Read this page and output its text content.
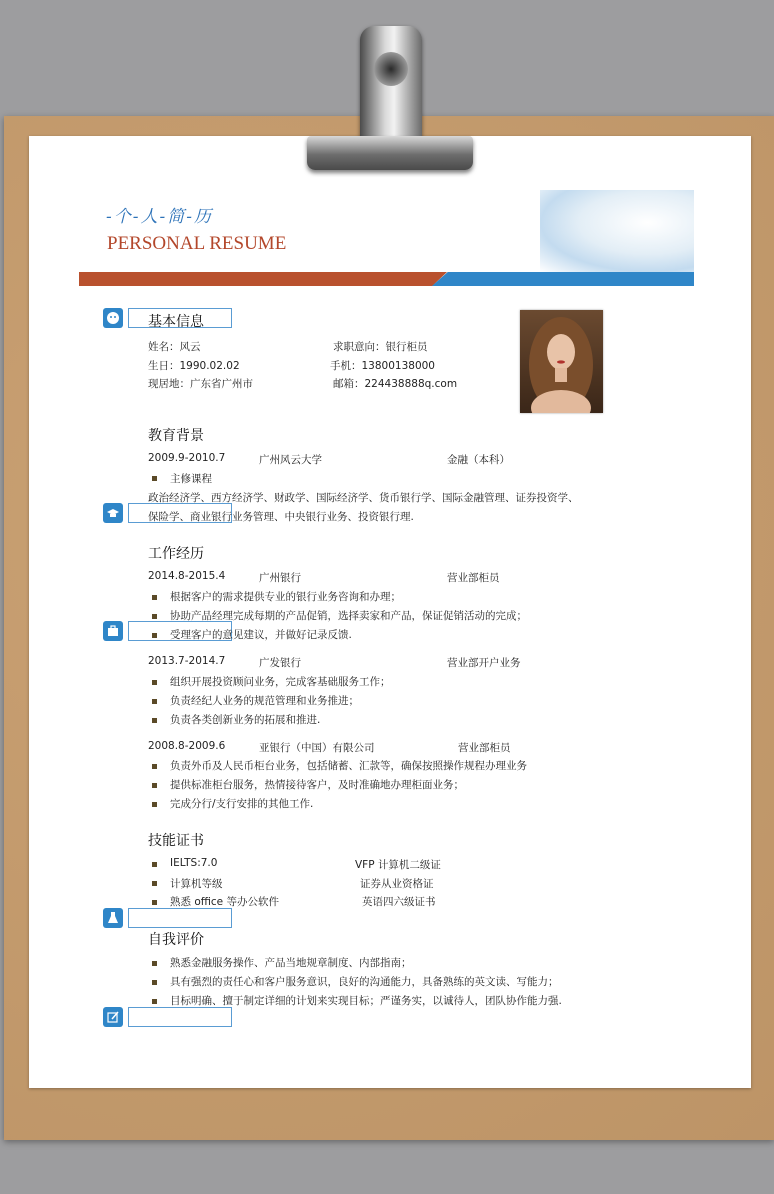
-个-人-简-历
PERSONAL RESUME
基本信息
姓名：风云	求职意向：银行柜员
生日：1990.02.02	手机：13800138000
现居地：广东省广州市	邮箱：224438888q.com
教育背景
2009.9-2010.7	广州风云大学	金融（本科）
主修课程
政治经济学、西方经济学、财政学、国际经济学、货币银行学、国际金融管理、证券投资学、
保险学、商业银行业务管理、中央银行业务、投资银行理.
工作经历
2014.8-2015.4	广州银行	营业部柜员
根据客户的需求提供专业的银行业务咨询和办理；
协助产品经理完成每期的产品促销，选择卖家和产品，保证促销活动的完成；
受理客户的意见建议，并做好记录反馈.
2013.7-2014.7	广发银行	营业部开户业务
组织开展投资顾问业务，完成客基础服务工作；
负责经纪人业务的规范管理和业务推进；
负责各类创新业务的拓展和推进.
2008.8-2009.6	亚银行（中国）有限公司	营业部柜员
负责外币及人民币柜台业务，包括储蓄、汇款等，确保按照操作规程办理业务
提供标准柜台服务，热情接待客户，及时准确地办理柜面业务；
完成分行/支行安排的其他工作.
技能证书
IELTS:7.0	VFP 计算机二级证
计算机等级	证券从业资格证
熟悉 office 等办公软件	英语四六级证书
自我评价
熟悉金融服务操作、产品当地规章制度、内部指南；
具有强烈的责任心和客户服务意识，良好的沟通能力，具备熟练的英文读、写能力；
目标明确、擅于制定详细的计划来实现目标；严谨务实，以诚待人，团队协作能力强.
